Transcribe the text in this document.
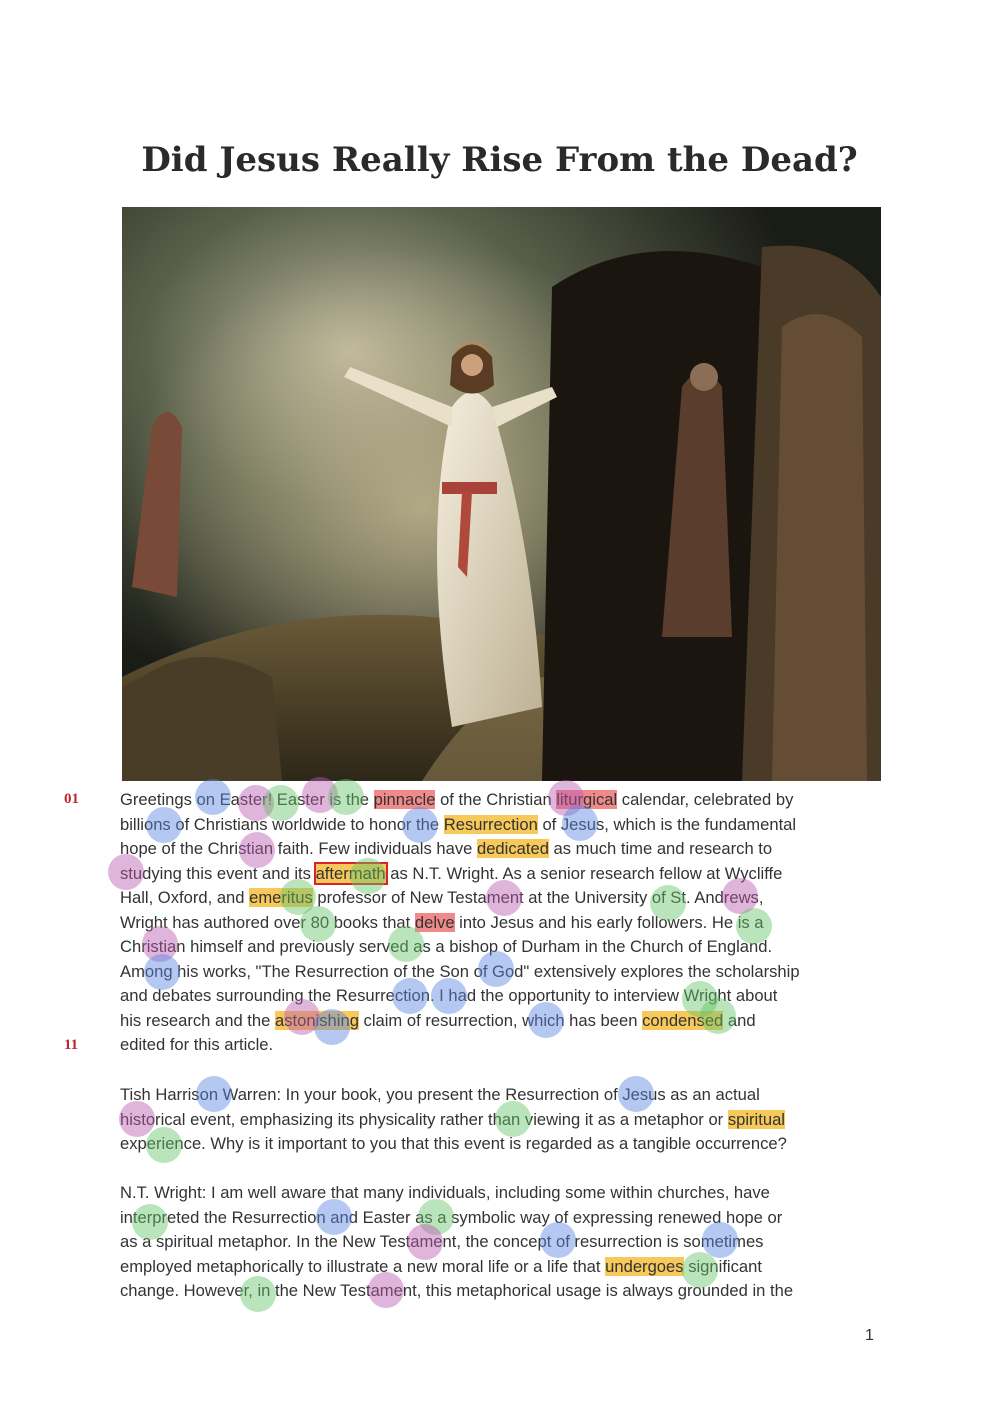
Did Jesus Really Rise From the Dead?
01
11
Greetings on Easter! Easter is the pinnacle of the Christian liturgical calendar, celebrated by
billions of Christians worldwide to honor the Resurrection of Jesus, which is the fundamental
hope of the Christian faith. Few individuals have dedicated as much time and research to
studying this event and its aftermath as N.T. Wright. As a senior research fellow at Wycliffe
Hall, Oxford, and emeritus professor of New Testament at the University of St. Andrews,
Wright has authored over 80 books that delve into Jesus and his early followers. He is a
Christian himself and previously served as a bishop of Durham in the Church of England.
Among his works, "The Resurrection of the Son of God" extensively explores the scholarship
and debates surrounding the Resurrection. I had the opportunity to interview Wright about
his research and the astonishing claim of resurrection, which has been condensed and
edited for this article.
Tish Harrison Warren: In your book, you present the Resurrection of Jesus as an actual
historical event, emphasizing its physicality rather than viewing it as a metaphor or spiritual
experience. Why is it important to you that this event is regarded as a tangible occurrence?
N.T. Wright: I am well aware that many individuals, including some within churches, have
interpreted the Resurrection and Easter as a symbolic way of expressing renewed hope or
as a spiritual metaphor. In the New Testament, the concept of resurrection is sometimes
employed metaphorically to illustrate a new moral life or a life that undergoes significant
change. However, in the New Testament, this metaphorical usage is always grounded in the
1
